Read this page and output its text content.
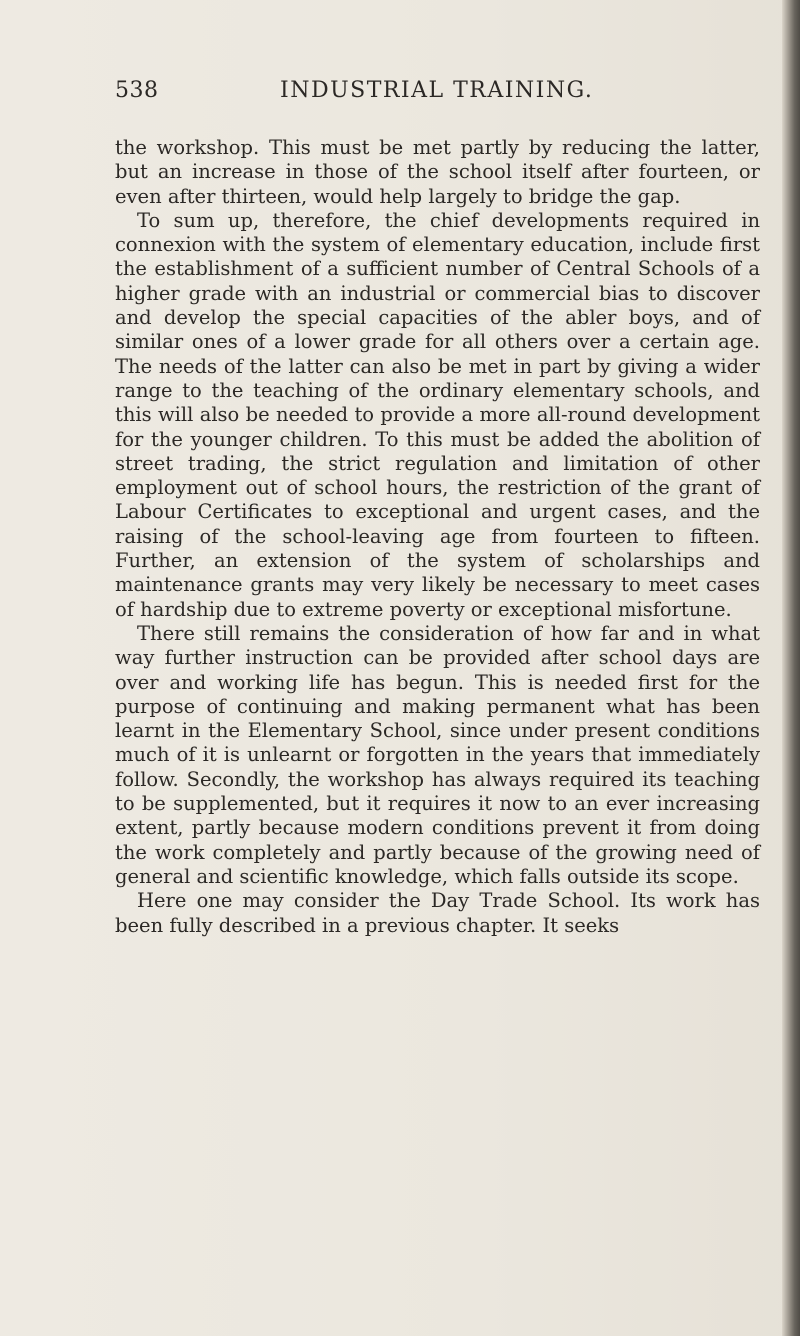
538	INDUSTRIAL TRAINING.

the workshop. This must be met partly by reducing the latter, but an increase in those of the school itself after fourteen, or even after thirteen, would help largely to bridge the gap.

To sum up, therefore, the chief developments required in connexion with the system of elementary education, include first the establishment of a sufficient number of Central Schools of a higher grade with an industrial or commercial bias to discover and develop the special capacities of the abler boys, and of similar ones of a lower grade for all others over a certain age. The needs of the latter can also be met in part by giving a wider range to the teaching of the ordinary elementary schools, and this will also be needed to provide a more all-round development for the younger children. To this must be added the abolition of street trading, the strict regulation and limitation of other employment out of school hours, the restriction of the grant of Labour Certificates to exceptional and urgent cases, and the raising of the school-leaving age from fourteen to fifteen. Further, an extension of the system of scholarships and maintenance grants may very likely be necessary to meet cases of hardship due to extreme poverty or exceptional misfortune.

There still remains the consideration of how far and in what way further instruction can be provided after school days are over and working life has begun. This is needed first for the purpose of continuing and making permanent what has been learnt in the Elementary School, since under present conditions much of it is unlearnt or forgotten in the years that immediately follow. Secondly, the workshop has always required its teaching to be supplemented, but it requires it now to an ever increasing extent, partly because modern conditions prevent it from doing the work completely and partly because of the growing need of general and scientific knowledge, which falls outside its scope.

Here one may consider the Day Trade School. Its work has been fully described in a previous chapter. It seeks
